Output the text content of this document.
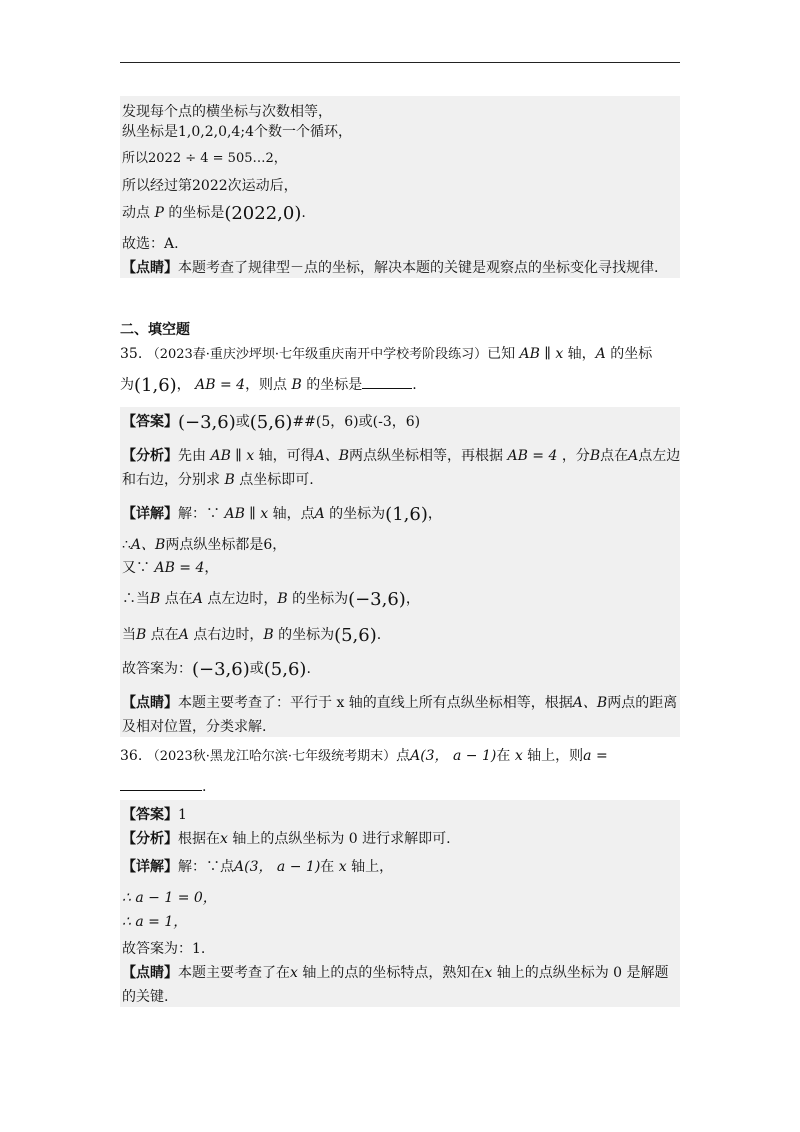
发现每个点的横坐标与次数相等，
纵坐标是1,0,2,0,4;4个数一个循环，
所以2022 ÷ 4 = 505…2，
所以经过第2022次运动后，
动点 P 的坐标是(2022,0).
故选：A.
【点睛】本题考查了规律型－点的坐标，解决本题的关键是观察点的坐标变化寻找规律.
二、填空题
35. （2023春·重庆沙坪坝·七年级重庆南开中学校考阶段练习）已知 AB ∥ x 轴，A 的坐标
为(1,6)， AB = 4，则点 B 的坐标是	.
【答案】(−3,6)或(5,6)##(5，6)或(-3，6)
【分析】先由 AB ∥ x 轴，可得A、B两点纵坐标相等，再根据 AB = 4 ，分B点在A点左边
和右边，分别求 B 点坐标即可.
【详解】解：∵ AB ∥ x 轴，点A 的坐标为(1,6)，
∴A、B两点纵坐标都是6，
又∵ AB = 4，
∴当B 点在A 点左边时，B 的坐标为(−3,6)，
当B 点在A 点右边时，B 的坐标为(5,6).
故答案为：(−3,6)或(5,6).
【点睛】本题主要考查了：平行于 x 轴的直线上所有点纵坐标相等，根据A、B两点的距离
及相对位置，分类求解.
36. （2023秋·黑龙江哈尔滨·七年级统考期末）点A(3， a − 1)在 x 轴上，则a =
.
【答案】1
【分析】根据在x 轴上的点纵坐标为 0 进行求解即可.
【详解】解：∵点A(3， a − 1)在 x 轴上，
∴ a − 1 = 0，
∴ a = 1，
故答案为：1.
【点睛】本题主要考查了在x 轴上的点的坐标特点，熟知在x 轴上的点纵坐标为 0 是解题
的关键.
